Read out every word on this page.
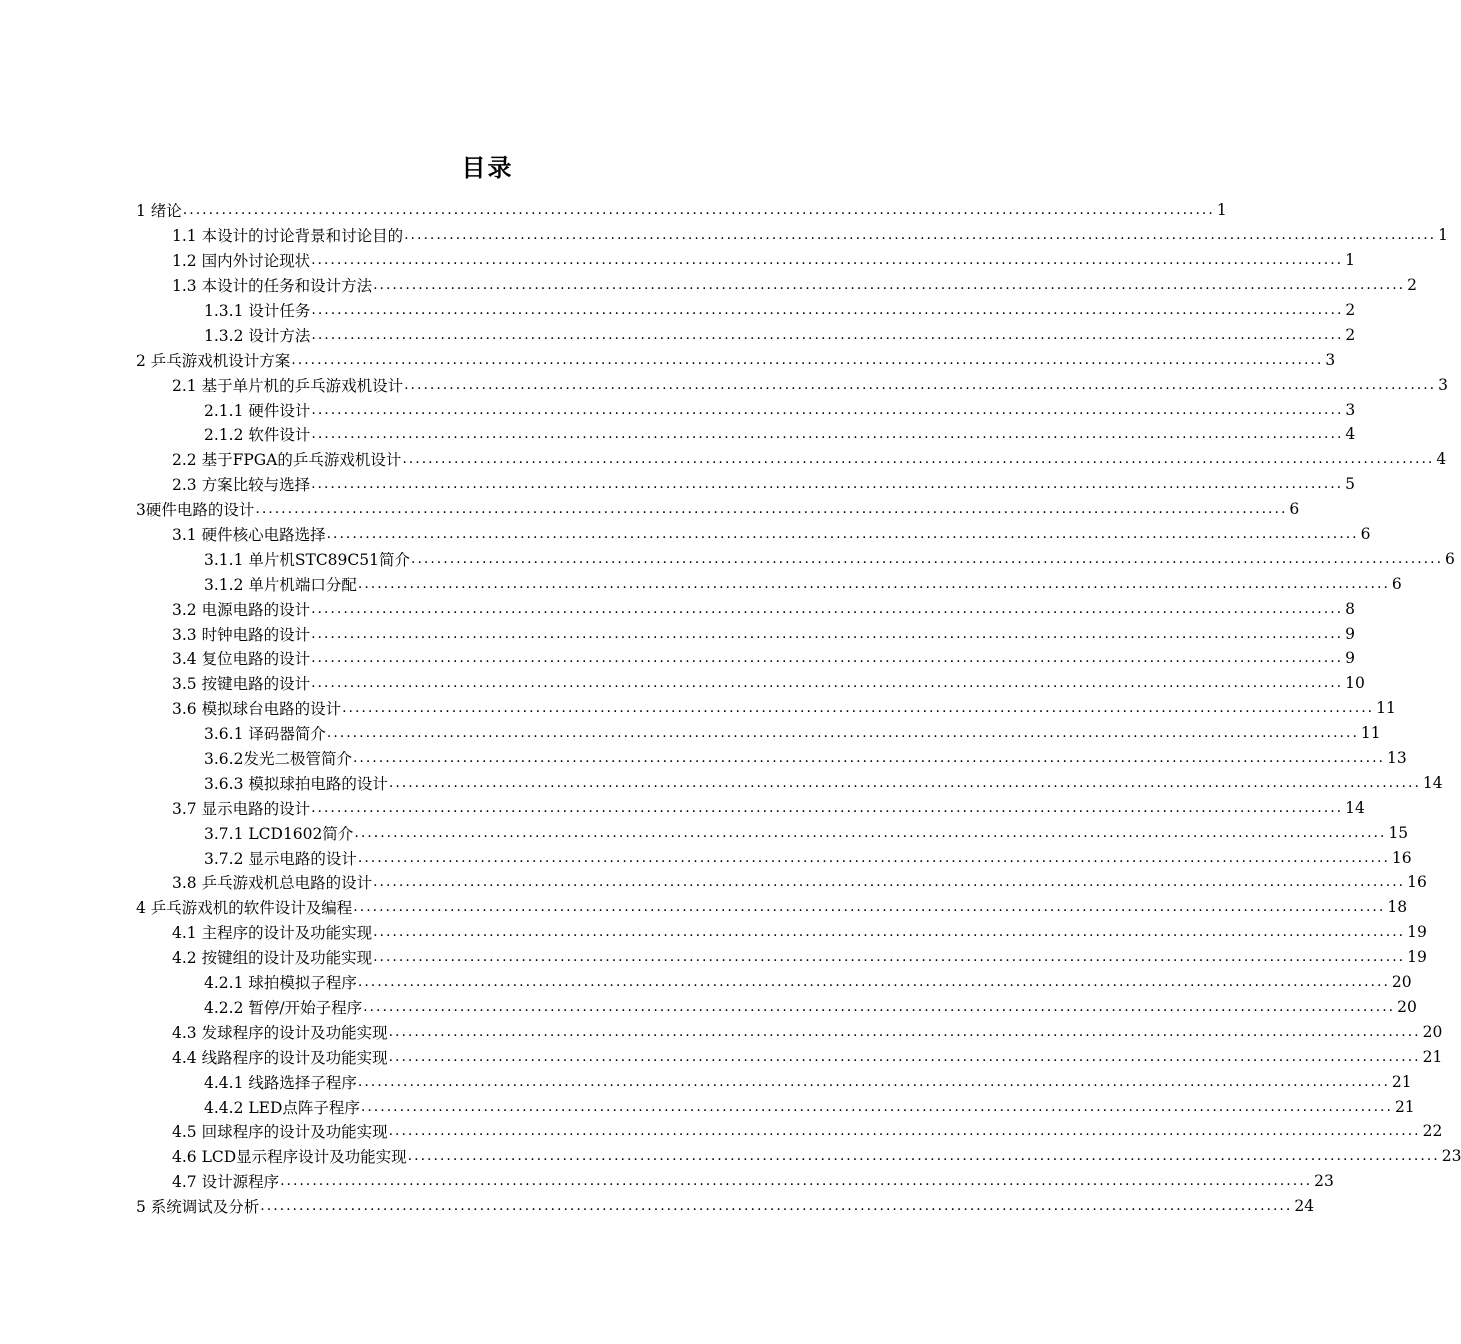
目录
1 绪论 ................................................................................................................................................................ 1
1.1 本设计的讨论背景和讨论目的 ................................................................................................................................................................ 1
1.2 国内外讨论现状 ................................................................................................................................................................ 1
1.3 本设计的任务和设计方法 ................................................................................................................................................................ 2
1.3.1 设计任务 ................................................................................................................................................................ 2
1.3.2 设计方法 ................................................................................................................................................................ 2
2 乒乓游戏机设计方案 ................................................................................................................................................................ 3
2.1 基于单片机的乒乓游戏机设计 ................................................................................................................................................................ 3
2.1.1 硬件设计 ................................................................................................................................................................ 3
2.1.2 软件设计 ................................................................................................................................................................ 4
2.2 基于FPGA的乒乓游戏机设计 ................................................................................................................................................................ 4
2.3 方案比较与选择 ................................................................................................................................................................ 5
3硬件电路的设计 ................................................................................................................................................................ 6
3.1 硬件核心电路选择 ................................................................................................................................................................ 6
3.1.1 单片机STC89C51简介 ................................................................................................................................................................ 6
3.1.2 单片机端口分配 ................................................................................................................................................................ 6
3.2 电源电路的设计 ................................................................................................................................................................ 8
3.3 时钟电路的设计 ................................................................................................................................................................ 9
3.4 复位电路的设计 ................................................................................................................................................................ 9
3.5 按键电路的设计 ................................................................................................................................................................ 10
3.6 模拟球台电路的设计 ................................................................................................................................................................ 11
3.6.1 译码器简介 ................................................................................................................................................................ 11
3.6.2发光二极管简介 ................................................................................................................................................................ 13
3.6.3 模拟球拍电路的设计 ................................................................................................................................................................ 14
3.7 显示电路的设计 ................................................................................................................................................................ 14
3.7.1 LCD1602简介 ................................................................................................................................................................ 15
3.7.2 显示电路的设计 ................................................................................................................................................................ 16
3.8 乒乓游戏机总电路的设计 ................................................................................................................................................................ 16
4 乒乓游戏机的软件设计及编程 ................................................................................................................................................................ 18
4.1 主程序的设计及功能实现 ................................................................................................................................................................ 19
4.2 按键组的设计及功能实现 ................................................................................................................................................................ 19
4.2.1 球拍模拟子程序 ................................................................................................................................................................ 20
4.2.2 暂停/开始子程序 ................................................................................................................................................................ 20
4.3 发球程序的设计及功能实现 ................................................................................................................................................................ 20
4.4 线路程序的设计及功能实现 ................................................................................................................................................................ 21
4.4.1 线路选择子程序 ................................................................................................................................................................ 21
4.4.2 LED点阵子程序 ................................................................................................................................................................ 21
4.5 回球程序的设计及功能实现 ................................................................................................................................................................ 22
4.6 LCD显示程序设计及功能实现 ................................................................................................................................................................ 23
4.7 设计源程序 ................................................................................................................................................................ 23
5 系统调试及分析 ................................................................................................................................................................ 24
